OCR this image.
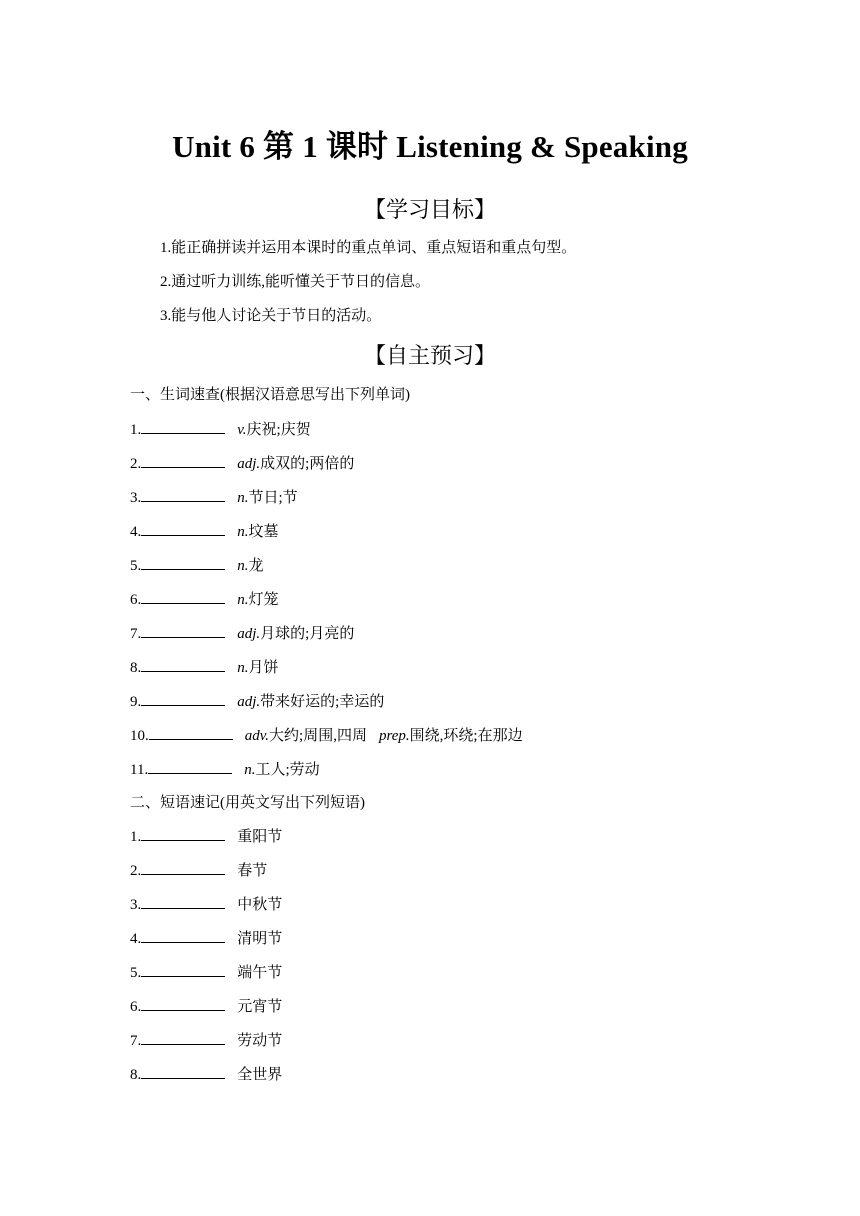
Unit 6 第 1 课时 Listening & Speaking
【学习目标】
1.能正确拼读并运用本课时的重点单词、重点短语和重点句型。
2.通过听力训练,能听懂关于节日的信息。
3.能与他人讨论关于节日的活动。
【自主预习】
一、生词速查(根据汉语意思写出下列单词)
1.	v.庆祝;庆贺
2.	adj.成双的;两倍的
3.	n.节日;节
4.	n.坟墓
5.	n.龙
6.	n.灯笼
7.	adj.月球的;月亮的
8.	n.月饼
9.	adj.带来好运的;幸运的
10.	adv.大约;周围,四周 prep.围绕,环绕;在那边
11.	n.工人;劳动
二、短语速记(用英文写出下列短语)
1.	重阳节
2.	春节
3.	中秋节
4.	清明节
5.	端午节
6.	元宵节
7.	劳动节
8.	全世界
